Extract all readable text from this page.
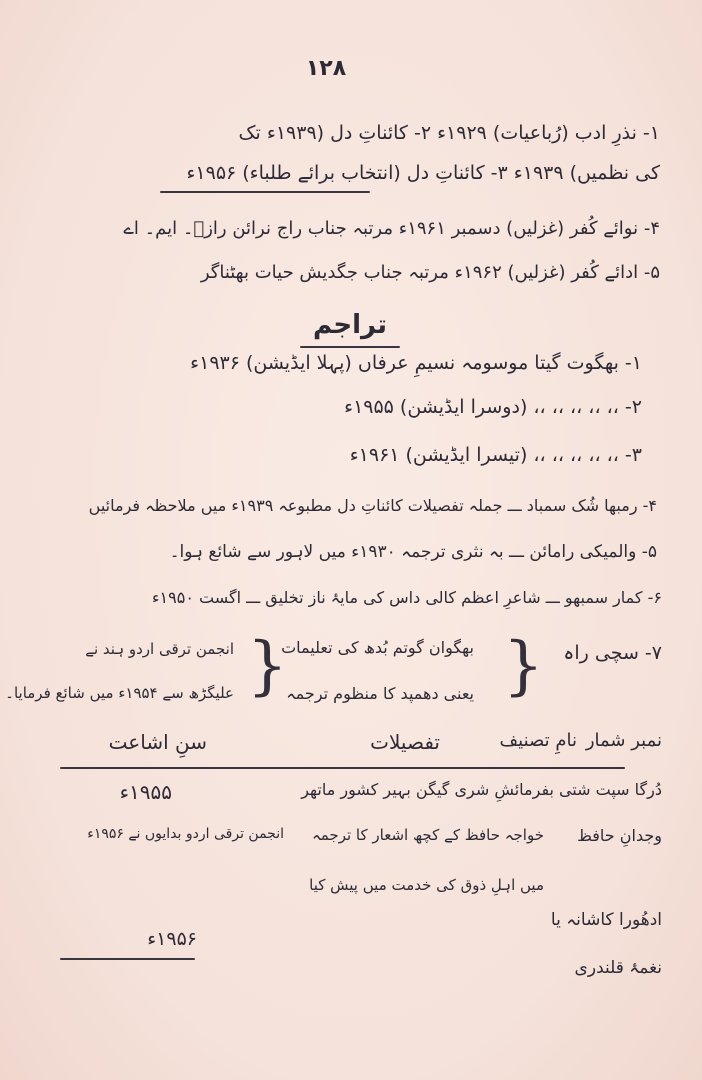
۱۲۸
۱- نذرِ ادب (رُباعیات) ۱۹۲۹ء ۲- کائناتِ دل (۱۹۳۹ء تک
کی نظمیں) ۱۹۳۹ء ۳- کائناتِ دل (انتخاب برائے طلباء) ۱۹۵۶ء
۴- نوائے کُفر (غزلیں) دسمبر ۱۹۶۱ء مرتبہ جناب راج نرائن رازؔ۔ ایم۔ اے
۵- ادائے کُفر (غزلیں) ۱۹۶۲ء مرتبہ جناب جگدیش حیات بھٹناگر
تراجم
۱- بھگوت گیتا موسومہ نسیمِ عرفاں (پہلا ایڈیشن) ۱۹۳۶ء
۲- ،، ،، ،، ،، ،، (دوسرا ایڈیشن) ۱۹۵۵ء
۳- ،، ،، ،، ،، ،، (تیسرا ایڈیشن) ۱۹۶۱ء
۴- رمبھا شُک سمباد ـــ جملہ تفصیلات کائناتِ دل مطبوعہ ۱۹۳۹ء میں ملاحظہ فرمائیں
۵- والمیکی رامائن ـــ بہ نثری ترجمہ ۱۹۳۰ء میں لاہور سے شائع ہوا۔
۶- کمار سمبھو ـــ شاعرِ اعظم کالی داس کی مایۂ ناز تخلیق ـــ اگست ۱۹۵۰ء
۷- سچی راہ
}
بھگوان گوتم بُدھ کی تعلیمات
یعنی دھمپد کا منظوم ترجمہ
}
انجمن ترقی اردو ہند نے
علیگڑھ سے ۱۹۵۴ء میں شائع فرمایا۔
نمبر شمار
نامِ تصنیف
تفصیلات
سنِ اشاعت
دُرگا سپت شتی
بفرمائشِ شری گیگن بہیر کشور ماتھر
۱۹۵۵ء
وجدانِ حافظ
خواجہ حافظ کے کچھ اشعار کا ترجمہ
انجمن ترقی اردو بدایوں نے ۱۹۵۶ء
میں اہلِ ذوق کی خدمت میں پیش کیا
ادھُورا کاشانہ یا
۱۹۵۶ء
نغمۂ قلندری
